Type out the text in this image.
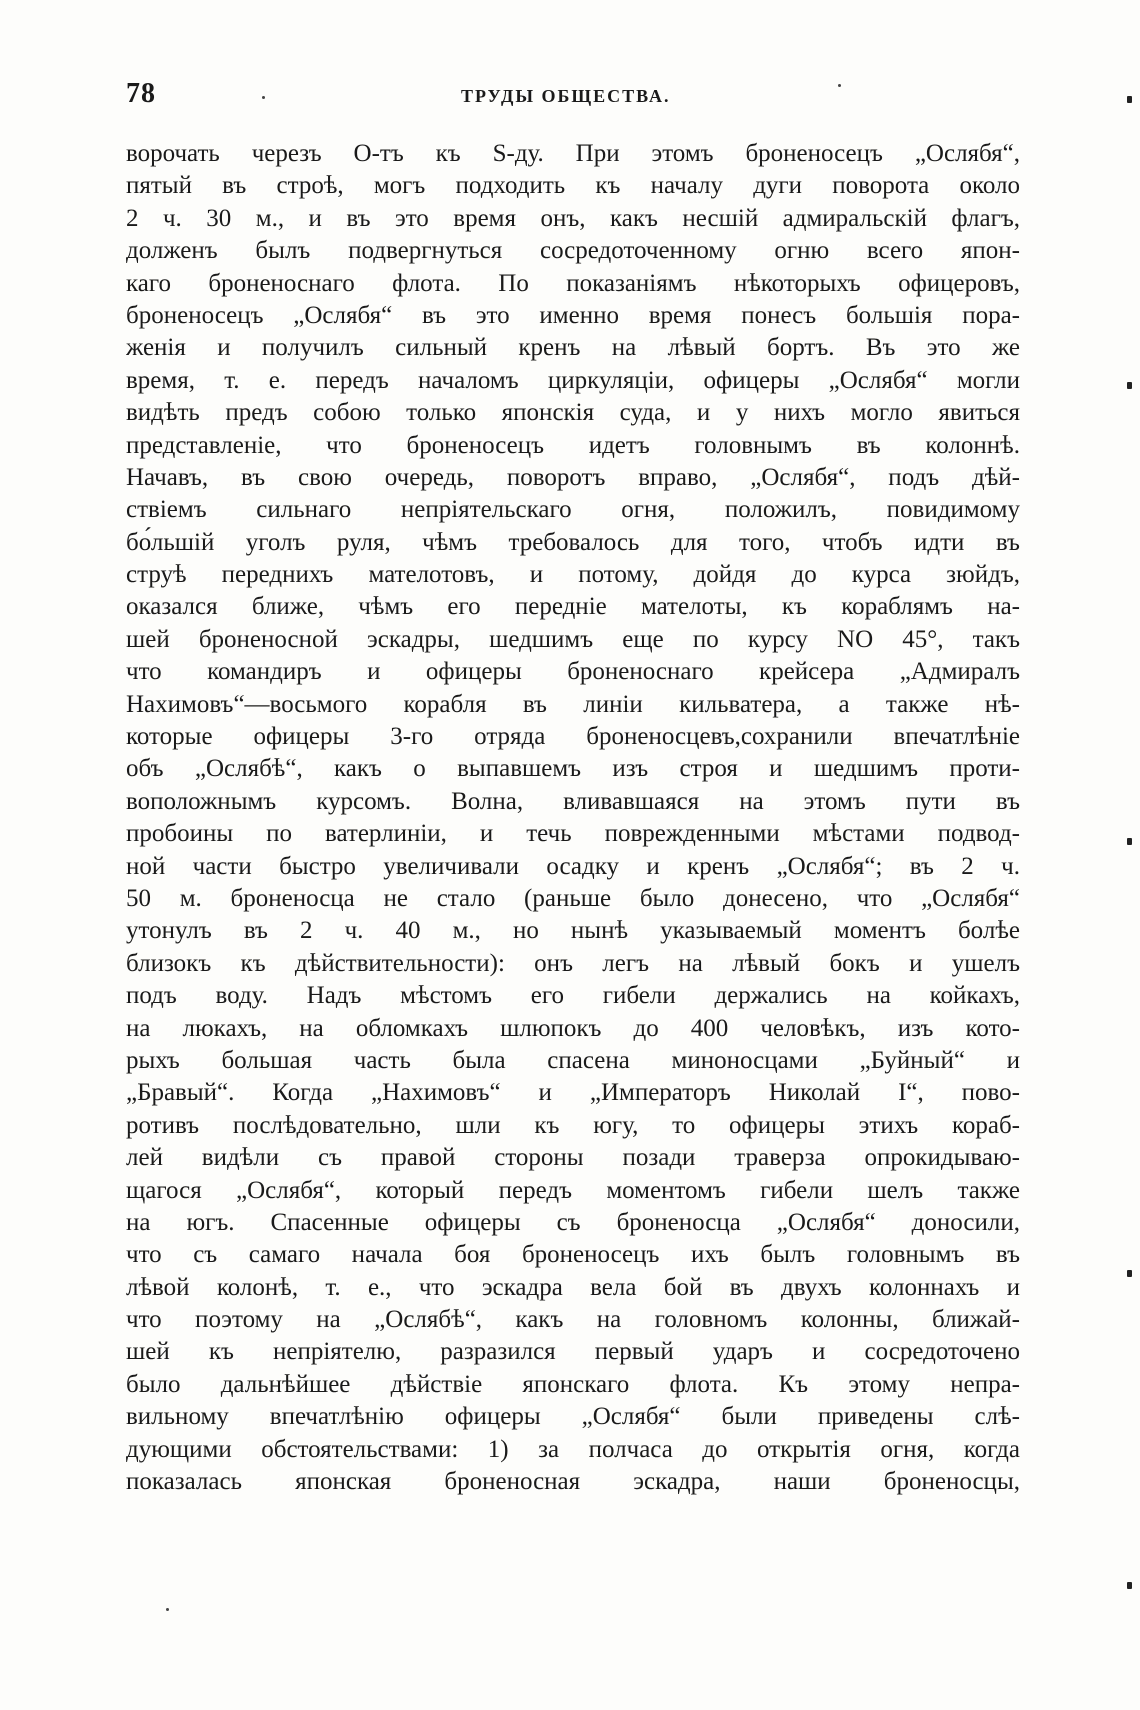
78	ТРУДЫ ОБЩЕСТВА.
ворочать черезъ О-тъ къ S-ду. При этомъ броненосецъ „Ослябя“,
пятый въ строѣ, могъ подходить къ началу дуги поворота около
2 ч. 30 м., и въ это время онъ, какъ несшій адмиральскій флагъ,
долженъ былъ подвергнуться сосредоточенному огню всего япон-
каго броненоснаго флота. По показаніямъ нѣкоторыхъ офицеровъ,
броненосецъ „Ослябя“ въ это именно время понесъ большія пора-
женія и получилъ сильный кренъ на лѣвый бортъ. Въ это же
время, т. е. передъ началомъ циркуляціи, офицеры „Ослябя“ могли
видѣть предъ собою только японскія суда, и у нихъ могло явиться
представленіе, что броненосецъ идетъ головнымъ въ колоннѣ.
Начавъ, въ свою очередь, поворотъ вправо, „Ослябя“, подъ дѣй-
ствіемъ сильнаго непріятельскаго огня, положилъ, повидимому
бо́льшій уголъ руля, чѣмъ требовалось для того, чтобъ идти въ
струѣ переднихъ мателотовъ, и потому, дойдя до курса зюйдъ,
оказался ближе, чѣмъ его передніе мателоты, къ кораблямъ на-
шей броненосной эскадры, шедшимъ еще по курсу NO 45°, такъ
что командиръ и офицеры броненоснаго крейсера „Адмиралъ
Нахимовъ“—восьмого корабля въ линіи кильватера, а также нѣ-
которые офицеры 3-го отряда броненосцевъ,сохранили впечатлѣніе
объ „Ослябѣ“, какъ о выпавшемъ изъ строя и шедшимъ проти-
воположнымъ курсомъ. Волна, вливавшаяся на этомъ пути въ
пробоины по ватерлиніи, и течь поврежденными мѣстами подвод-
ной части быстро увеличивали осадку и кренъ „Ослябя“; въ 2 ч.
50 м. броненосца не стало (раньше было донесено, что „Ослябя“
утонулъ въ 2 ч. 40 м., но нынѣ указываемый моментъ болѣе
близокъ къ дѣйствительности): онъ легъ на лѣвый бокъ и ушелъ
подъ воду. Надъ мѣстомъ его гибели держались на койкахъ,
на люкахъ, на обломкахъ шлюпокъ до 400 человѣкъ, изъ кото-
рыхъ большая часть была спасена миноносцами „Буйный“ и
„Бравый“. Когда „Нахимовъ“ и „Императоръ Николай I“, пово-
ротивъ послѣдовательно, шли къ югу, то офицеры этихъ кораб-
лей видѣли съ правой стороны позади траверза опрокидываю-
щагося „Ослябя“, который передъ моментомъ гибели шелъ также
на югъ. Спасенные офицеры съ броненосца „Ослябя“ доносили,
что съ самаго начала боя броненосецъ ихъ былъ головнымъ въ
лѣвой колонѣ, т. е., что эскадра вела бой въ двухъ колоннахъ и
что поэтому на „Ослябѣ“, какъ на головномъ колонны, ближай-
шей къ непріятелю, разразился первый ударъ и сосредоточено
было дальнѣйшее дѣйствіе японскаго флота. Къ этому непра-
вильному впечатлѣнію офицеры „Ослябя“ были приведены слѣ-
дующими обстоятельствами: 1) за полчаса до открытія огня, когда
показалась японская броненосная эскадра, наши броненосцы,
